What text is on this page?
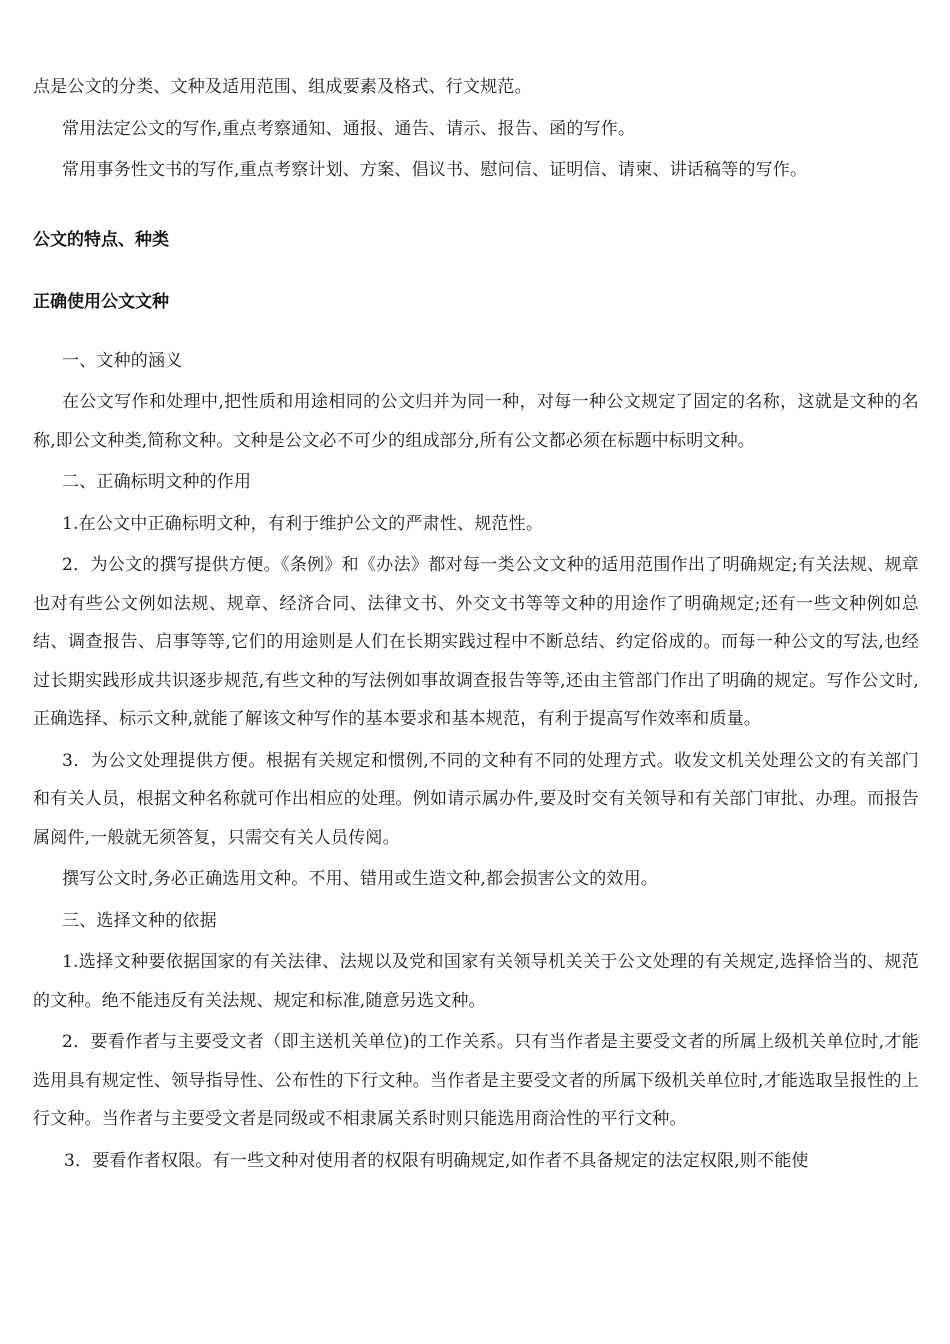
点是公文的分类、文种及适用范围、组成要素及格式、行文规范。

常用法定公文的写作,重点考察通知、通报、通告、请示、报告、函的写作。

常用事务性文书的写作,重点考察计划、方案、倡议书、慰问信、证明信、请柬、讲话稿等的写作。

公文的特点、种类
正确使用公文文种

一、文种的涵义

在公文写作和处理中,把性质和用途相同的公文归并为同一种，对每一种公文规定了固定的名称，这就是文种的名称,即公文种类,简称文种。文种是公文必不可少的组成部分,所有公文都必须在标题中标明文种。

二、正确标明文种的作用

1.在公文中正确标明文种，有利于维护公文的严肃性、规范性。

2．为公文的撰写提供方便。《条例》和《办法》都对每一类公文文种的适用范围作出了明确规定;有关法规、规章也对有些公文例如法规、规章、经济合同、法律文书、外交文书等等文种的用途作了明确规定;还有一些文种例如总结、调查报告、启事等等,它们的用途则是人们在长期实践过程中不断总结、约定俗成的。而每一种公文的写法,也经过长期实践形成共识逐步规范,有些文种的写法例如事故调查报告等等,还由主管部门作出了明确的规定。写作公文时,正确选择、标示文种,就能了解该文种写作的基本要求和基本规范，有利于提高写作效率和质量。

3．为公文处理提供方便。根据有关规定和惯例,不同的文种有不同的处理方式。收发文机关处理公文的有关部门和有关人员，根据文种名称就可作出相应的处理。例如请示属办件,要及时交有关领导和有关部门审批、办理。而报告属阅件,一般就无须答复，只需交有关人员传阅。

撰写公文时,务必正确选用文种。不用、错用或生造文种,都会损害公文的效用。

三、选择文种的依据

1.选择文种要依据国家的有关法律、法规以及党和国家有关领导机关关于公文处理的有关规定,选择恰当的、规范的文种。绝不能违反有关法规、规定和标准,随意另选文种。

2．要看作者与主要受文者（即主送机关单位)的工作关系。只有当作者是主要受文者的所属上级机关单位时,才能选用具有规定性、领导指导性、公布性的下行文种。当作者是主要受文者的所属下级机关单位时,才能选取呈报性的上行文种。当作者与主要受文者是同级或不相隶属关系时则只能选用商洽性的平行文种。

3．要看作者权限。有一些文种对使用者的权限有明确规定,如作者不具备规定的法定权限,则不能使
